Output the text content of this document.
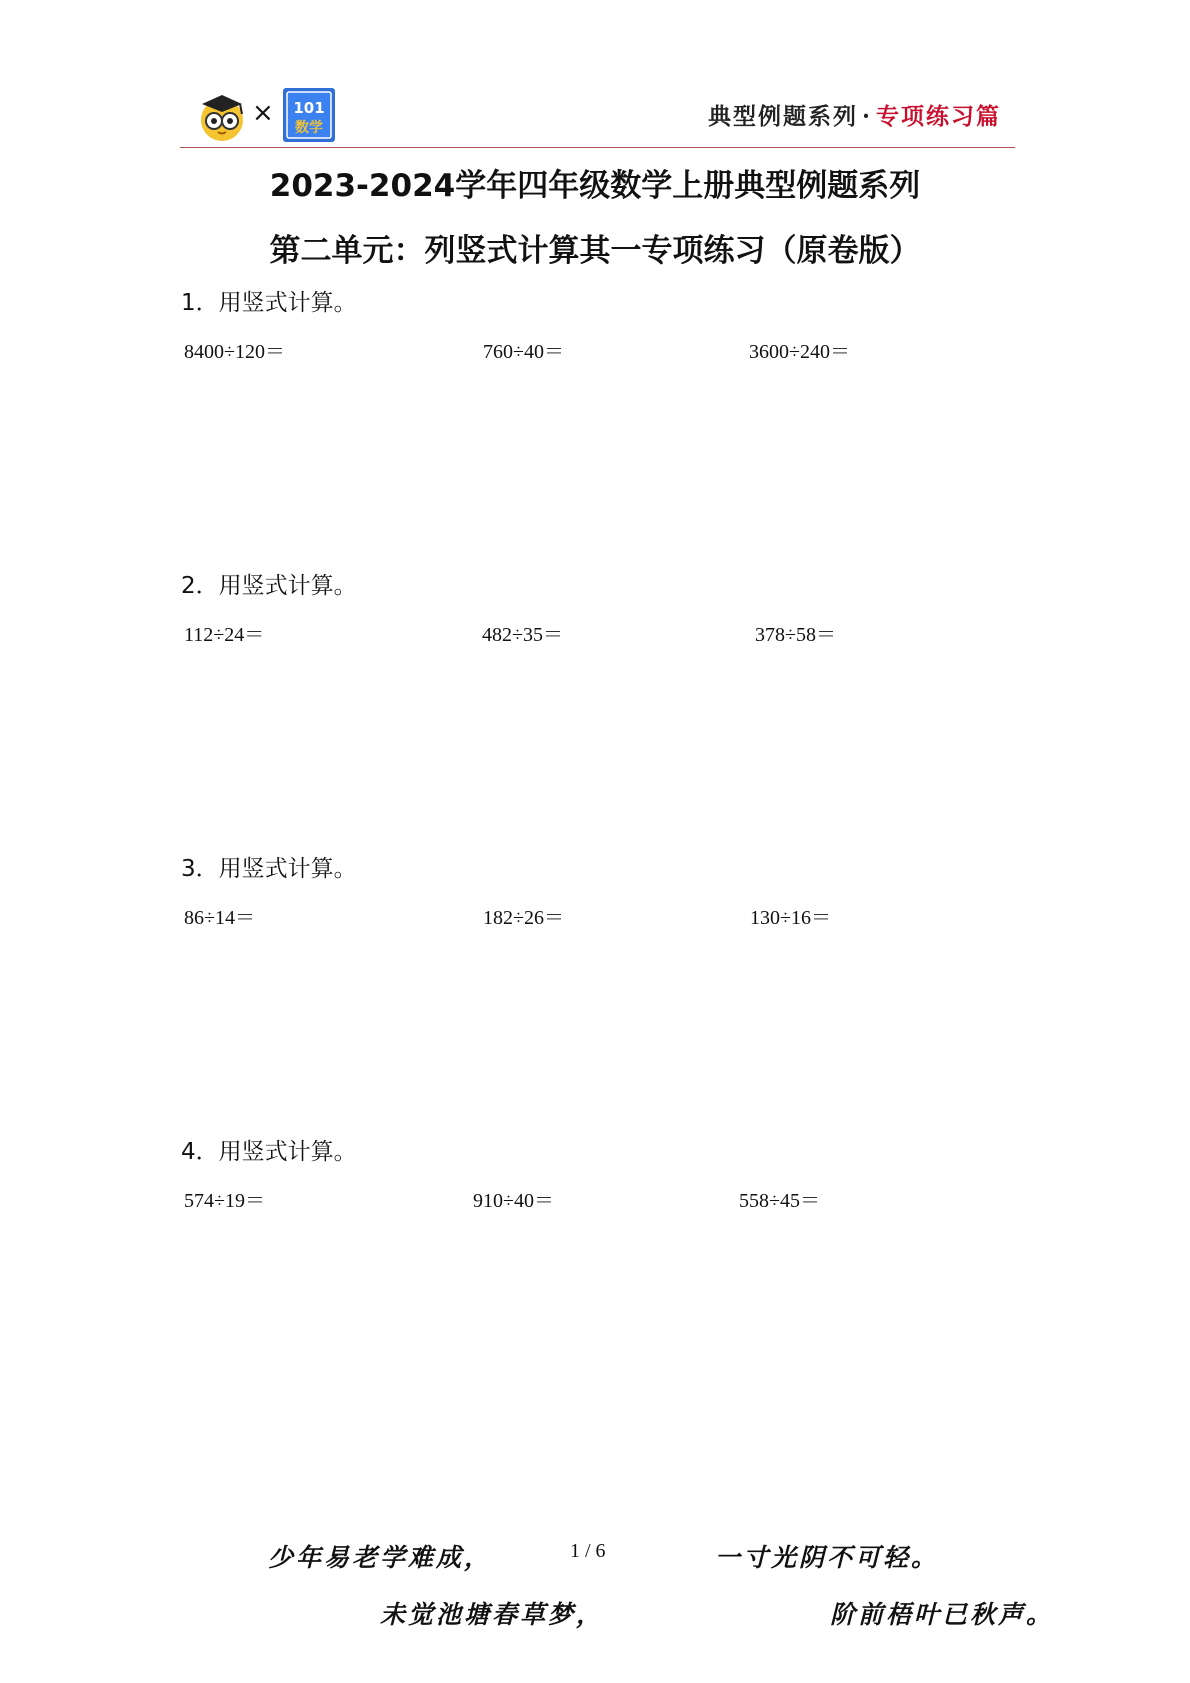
× 101
数学	典型例题系列 · 专项练习篇
2023-2024学年四年级数学上册典型例题系列
第二单元：列竖式计算其一专项练习（原卷版）
1．用竖式计算。
8400÷120＝	760÷40＝	3600÷240＝
2．用竖式计算。
112÷24＝	482÷35＝	378÷58＝
3．用竖式计算。
86÷14＝	182÷26＝	130÷16＝
4．用竖式计算。
574÷19＝	910÷40＝	558÷45＝
少年易老学难成，	1 / 6	一寸光阴不可轻。
未觉池塘春草梦，	阶前梧叶已秋声。
